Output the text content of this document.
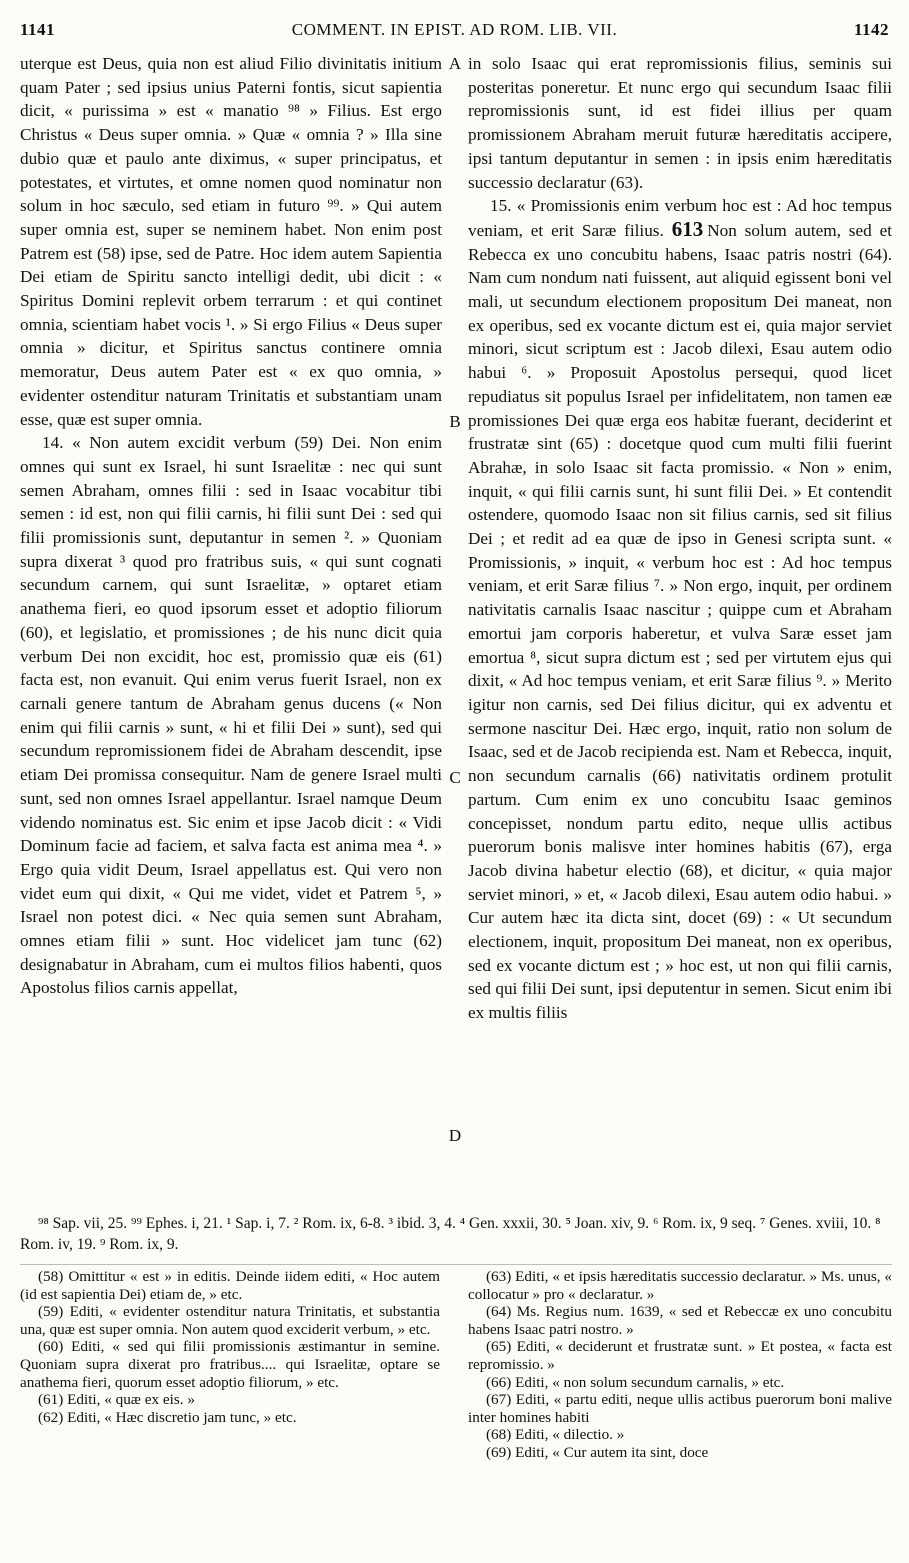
1141	COMMENT. IN EPIST. AD ROM. LIB. VII.	1142

uterque est Deus, quia non est aliud Filio divinitatis initium quam Pater ; sed ipsius unius Paterni fontis, sicut sapientia dicit, « purissima » est « manatio ⁹⁸ » Filius. Est ergo Christus « Deus super omnia. » Quæ « omnia ? » Illa sine dubio quæ et paulo ante diximus, « super principatus, et potestates, et virtutes, et omne nomen quod nominatur non solum in hoc sæculo, sed etiam in futuro ⁹⁹. » Qui autem super omnia est, super se neminem habet. Non enim post Patrem est (58) ipse, sed de Patre. Hoc idem autem Sapientia Dei etiam de Spiritu sancto intelligi dedit, ubi dicit : « Spiritus Domini replevit orbem terrarum : et qui continet omnia, scientiam habet vocis ¹. » Si ergo Filius « Deus super omnia » dicitur, et Spiritus sanctus continere omnia memoratur, Deus autem Pater est « ex quo omnia, » evidenter ostenditur naturam Trinitatis et substantiam unam esse, quæ est super omnia.

14. « Non autem excidit verbum (59) Dei. Non enim omnes qui sunt ex Israel, hi sunt Israelitæ : nec qui sunt semen Abraham, omnes filii : sed in Isaac vocabitur tibi semen : id est, non qui filii carnis, hi filii sunt Dei : sed qui filii promissionis sunt, deputantur in semen ². » Quoniam supra dixerat ³ quod pro fratribus suis, « qui sunt cognati secundum carnem, qui sunt Israelitæ, » optaret etiam anathema fieri, eo quod ipsorum esset et adoptio filiorum (60), et legislatio, et promissiones ; de his nunc dicit quia verbum Dei non excidit, hoc est, promissio quæ eis (61) facta est, non evanuit. Qui enim verus fuerit Israel, non ex carnali genere tantum de Abraham genus ducens (« Non enim qui filii carnis » sunt, « hi et filii Dei » sunt), sed qui secundum repromissionem fidei de Abraham descendit, ipse etiam Dei promissa consequitur. Nam de genere Israel multi sunt, sed non omnes Israel appellantur. Israel namque Deum videndo nominatus est. Sic enim et ipse Jacob dicit : « Vidi Dominum facie ad faciem, et salva facta est anima mea ⁴. » Ergo quia vidit Deum, Israel appellatus est. Qui vero non videt eum qui dixit, « Qui me videt, videt et Patrem ⁵, » Israel non potest dici. « Nec quia semen sunt Abraham, omnes etiam filii » sunt. Hoc videlicet jam tunc (62) designabatur in Abraham, cum ei multos filios habenti, quos Apostolus filios carnis appellat,

A
B
C
D

in solo Isaac qui erat repromissionis filius, seminis sui posteritas poneretur. Et nunc ergo qui secundum Isaac filii repromissionis sunt, id est fidei illius per quam promissionem Abraham meruit futuræ hæreditatis accipere, ipsi tantum deputantur in semen : in ipsis enim hæreditatis successio declaratur (63).

15. « Promissionis enim verbum hoc est : Ad hoc tempus veniam, et erit Saræ filius. 613 Non solum autem, sed et Rebecca ex uno concubitu habens, Isaac patris nostri (64). Nam cum nondum nati fuissent, aut aliquid egissent boni vel mali, ut secundum electionem propositum Dei maneat, non ex operibus, sed ex vocante dictum est ei, quia major serviet minori, sicut scriptum est : Jacob dilexi, Esau autem odio habui ⁶. » Proposuit Apostolus persequi, quod licet repudiatus sit populus Israel per infidelitatem, non tamen eæ promissiones Dei quæ erga eos habitæ fuerant, deciderint et frustratæ sint (65) : docetque quod cum multi filii fuerint Abrahæ, in solo Isaac sit facta promissio. « Non » enim, inquit, « qui filii carnis sunt, hi sunt filii Dei. » Et contendit ostendere, quomodo Isaac non sit filius carnis, sed sit filius Dei ; et redit ad ea quæ de ipso in Genesi scripta sunt. « Promissionis, » inquit, « verbum hoc est : Ad hoc tempus veniam, et erit Saræ filius ⁷. » Non ergo, inquit, per ordinem nativitatis carnalis Isaac nascitur ; quippe cum et Abraham emortui jam corporis haberetur, et vulva Saræ esset jam emortua ⁸, sicut supra dictum est ; sed per virtutem ejus qui dixit, « Ad hoc tempus veniam, et erit Saræ filius ⁹. » Merito igitur non carnis, sed Dei filius dicitur, qui ex adventu et sermone nascitur Dei. Hæc ergo, inquit, ratio non solum de Isaac, sed et de Jacob recipienda est. Nam et Rebecca, inquit, non secundum carnalis (66) nativitatis ordinem protulit partum. Cum enim ex uno concubitu Isaac geminos concepisset, nondum partu edito, neque ullis actibus puerorum bonis malisve inter homines habitis (67), erga Jacob divina habetur electio (68), et dicitur, « quia major serviet minori, » et, « Jacob dilexi, Esau autem odio habui. » Cur autem hæc ita dicta sint, docet (69) : « Ut secundum electionem, inquit, propositum Dei maneat, non ex operibus, sed ex vocante dictum est ; » hoc est, ut non qui filii carnis, sed qui filii Dei sunt, ipsi deputentur in semen. Sicut enim ibi ex multis filiis

⁹⁸ Sap. vii, 25. ⁹⁹ Ephes. i, 21. ¹ Sap. i, 7. ² Rom. ix, 6-8. ³ ibid. 3, 4. ⁴ Gen. xxxii, 30. ⁵ Joan. xiv, 9. ⁶ Rom. ix, 9 seq. ⁷ Genes. xviii, 10. ⁸ Rom. iv, 19. ⁹ Rom. ix, 9.

(58) Omittitur « est » in editis. Deinde iidem editi, « Hoc autem (id est sapientia Dei) etiam de, » etc.

(59) Editi, « evidenter ostenditur natura Trinitatis, et substantia una, quæ est super omnia. Non autem quod exciderit verbum, » etc.

(60) Editi, « sed qui filii promissionis æstimantur in semine. Quoniam supra dixerat pro fratribus.... qui Israelitæ, optare se anathema fieri, quorum esset adoptio filiorum, » etc.

(61) Editi, « quæ ex eis. »

(62) Editi, « Hæc discretio jam tunc, » etc.

(63) Editi, « et ipsis hæreditatis successio declaratur. » Ms. unus, « collocatur » pro « declaratur. »

(64) Ms. Regius num. 1639, « sed et Rebeccæ ex uno concubitu habens Isaac patri nostro. »

(65) Editi, « deciderunt et frustratæ sunt. » Et postea, « facta est repromissio. »

(66) Editi, « non solum secundum carnalis, » etc.

(67) Editi, « partu editi, neque ullis actibus puerorum boni malive inter homines habiti

(68) Editi, « dilectio. »

(69) Editi, « Cur autem ita sint, doce
